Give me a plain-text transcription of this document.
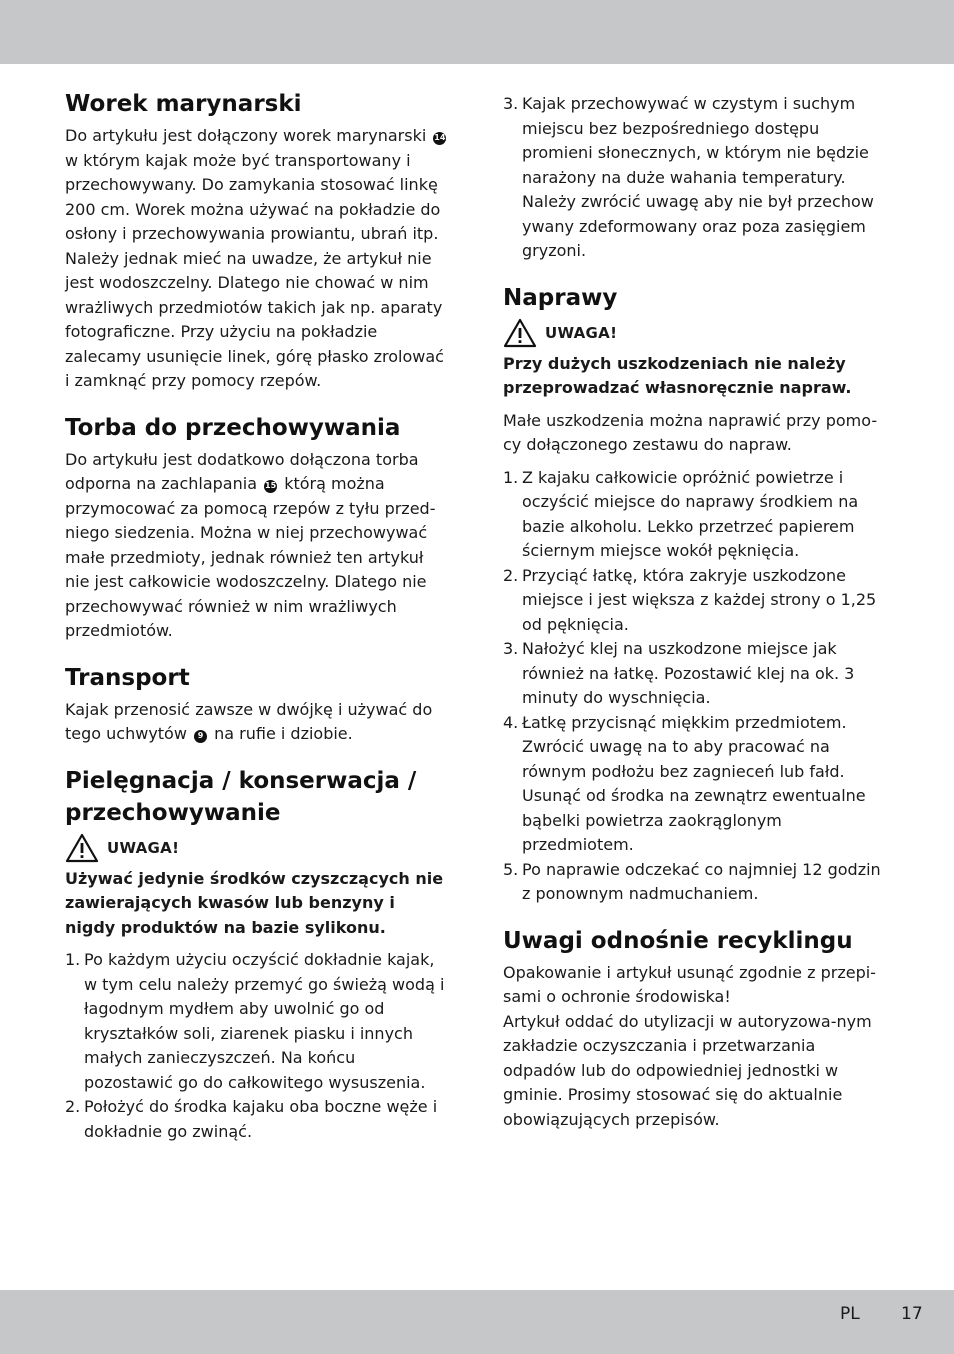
Worek marynarski

Do artykułu jest dołączony worek marynarski 14
w którym kajak może być transportowany i przechowywany. Do zamykania stosować linkę 200 cm. Worek można używać na pokładzie do osłony i przechowywania prowiantu, ubrań itp. Należy jednak mieć na uwadze, że artykuł nie jest wodoszczelny. Dlatego nie chować w nim wrażliwych przedmiotów takich jak np. aparaty fotograficzne. Przy użyciu na pokładzie zalecamy usunięcie linek, górę płasko zrolować i zamknąć przy pomocy rzepów.

Torba do przechowywania

Do artykułu jest dodatkowo dołączona torba odporna na zachlapania 15 którą można przymocować za pomocą rzepów z tyłu przed-niego siedzenia. Można w niej przechowywać małe przedmioty, jednak również ten artykuł nie jest całkowicie wodoszczelny. Dlatego nie przechowywać również w nim wrażliwych przedmiotów.

Transport

Kajak przenosić zawsze w dwójkę i używać do tego uchwytów 9 na rufie i dziobie.

Pielęgnacja / konserwacja / przechowywanie
UWAGA!

Używać jedynie środków czyszczących nie zawierających kwasów lub benzyny i nigdy produktów na bazie sylikonu.

1. Po każdym użyciu oczyścić dokładnie kajak, w tym celu należy przemyć go świeżą wodą i łagodnym mydłem aby uwolnić go od kryształków soli, ziarenek piasku i innych małych zanieczyszczeń. Na końcu pozostawić go do całkowitego wysuszenia.
2. Położyć do środka kajaku oba boczne węże i dokładnie go zwinąć.
3. Kajak przechowywać w czystym i suchym miejscu bez bezpośredniego dostępu promieni słonecznych, w którym nie będzie narażony na duże wahania temperatury. Należy zwrócić uwagę aby nie był przechow ywany zdeformowany oraz poza zasięgiem gryzoni.
Naprawy
UWAGA!

Przy dużych uszkodzeniach nie należy przeprowadzać własnoręcznie napraw.

Małe uszkodzenia można naprawić przy pomo-cy dołączonego zestawu do napraw.

1. Z kajaku całkowicie opróżnić powietrze i oczyścić miejsce do naprawy środkiem na bazie alkoholu. Lekko przetrzeć papierem ściernym miejsce wokół pęknięcia.
2. Przyciąć łatkę, która zakryje uszkodzone miejsce i jest większa z każdej strony o 1,25 od pęknięcia.
3. Nałożyć klej na uszkodzone miejsce jak również na łatkę. Pozostawić klej na ok. 3 minuty do wyschnięcia.
4. Łatkę przycisnąć miękkim przedmiotem. Zwrócić uwagę na to aby pracować na równym podłożu bez zagnieceń lub fałd. Usunąć od środka na zewnątrz ewentualne bąbelki powietrza zaokrąglonym przedmiotem.
5. Po naprawie odczekać co najmniej 12 godzin z ponownym nadmuchaniem.
Uwagi odnośnie recyklingu

Opakowanie i artykuł usunąć zgodnie z przepi-sami o ochronie środowiska!

Artykuł oddać do utylizacji w autoryzowa-nym zakładzie oczyszczania i przetwarzania odpadów lub do odpowiedniej jednostki w gminie. Prosimy stosować się do aktualnie obowiązujących przepisów.

PL 17
